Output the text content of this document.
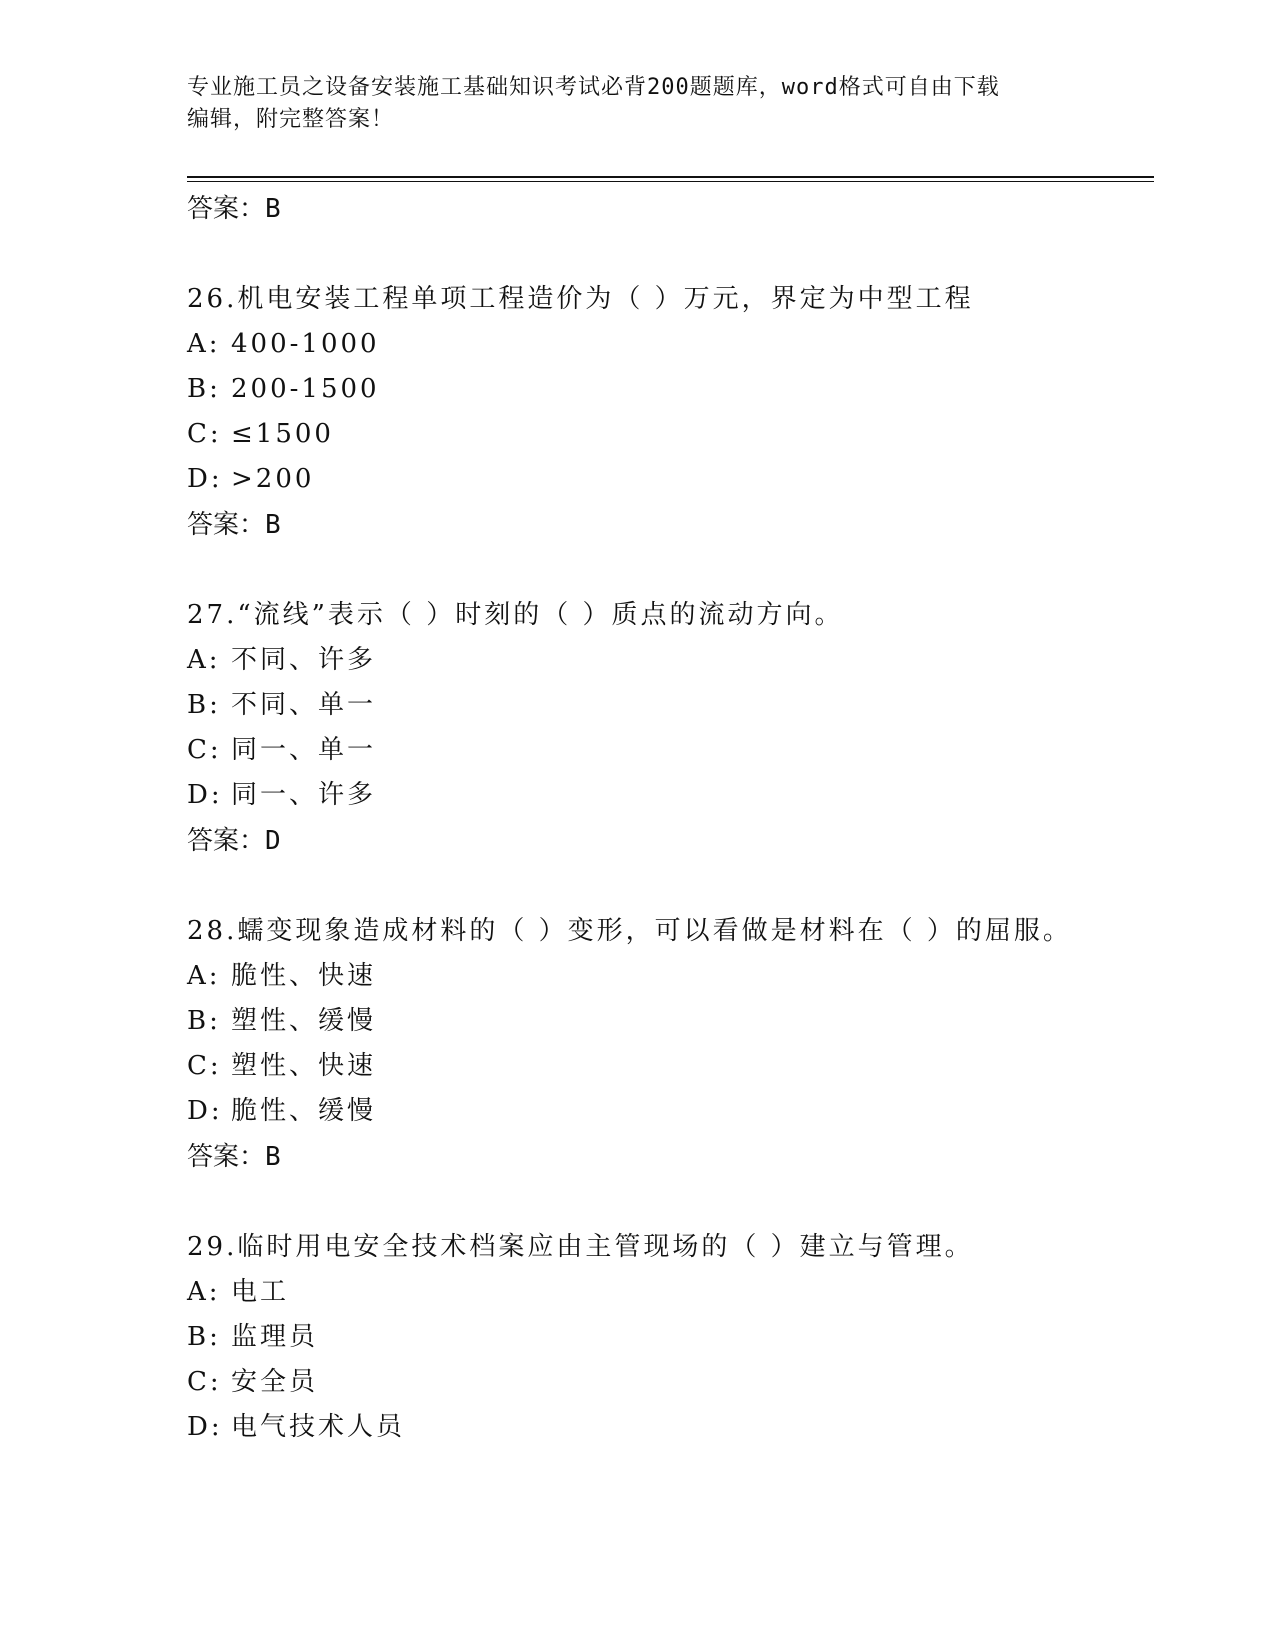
专业施工员之设备安装施工基础知识考试必背200题题库，word格式可自由下载
编辑，附完整答案！
答案：B
26.机电安装工程单项工程造价为（ ）万元，界定为中型工程
A: 400-1000
B: 200-1500
C: ≤1500
D: >200
答案：B
27.“流线”表示（ ）时刻的（ ）质点的流动方向。
A: 不同、许多
B: 不同、单一
C: 同一、单一
D: 同一、许多
答案：D
28.蠕变现象造成材料的（ ）变形，可以看做是材料在（ ）的屈服。
A: 脆性、快速
B: 塑性、缓慢
C: 塑性、快速
D: 脆性、缓慢
答案：B
29.临时用电安全技术档案应由主管现场的（ ）建立与管理。
A: 电工
B: 监理员
C: 安全员
D: 电气技术人员
